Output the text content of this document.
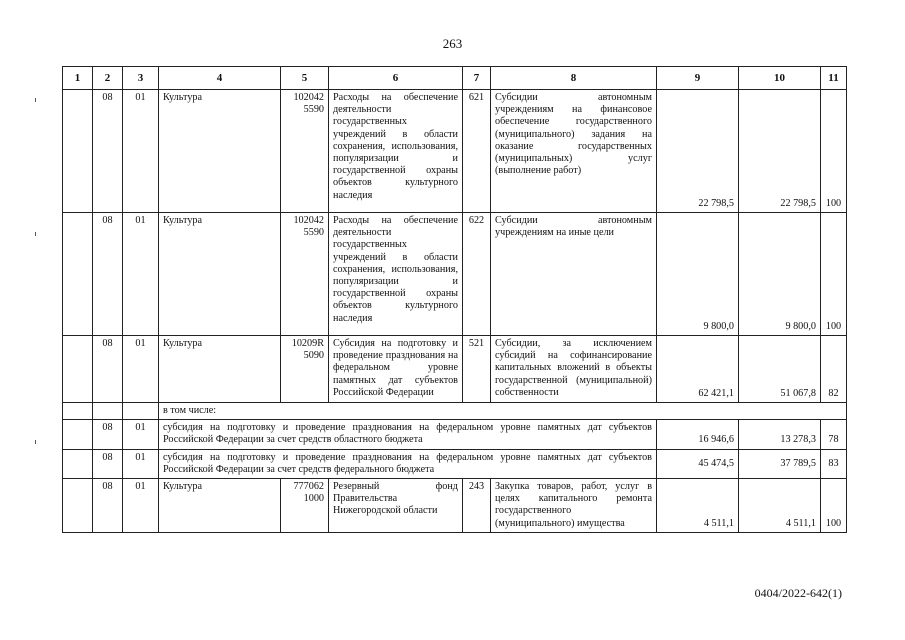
263
1	2	3	4	5	6	7	8	9	10	11
	08	01	Культура	102042 5590	Расходы на обеспечение деятельности государственных учреждений в области сохранения, использования, популяризации и государственной охраны объектов культурного наследия	621	Субсидии автономным учреждениям на финансовое обеспечение государственного (муниципального) задания на оказание государственных (муниципальных) услуг (выполнение работ)	22 798,5	22 798,5	100
	08	01	Культура	102042 5590	Расходы на обеспечение деятельности государственных учреждений в области сохранения, использования, популяризации и государственной охраны объектов культурного наследия	622	Субсидии автономным учреждениям на иные цели	9 800,0	9 800,0	100
	08	01	Культура	10209R 5090	Субсидия на подготовку и проведение празднования на федеральном уровне памятных дат субъектов Российской Федерации	521	Субсидии, за исключением субсидий на софинансирование капитальных вложений в объекты государственной (муниципальной) собственности	62 421,1	51 067,8	82
			в том числе:							
	08	01	субсидия на подготовку и проведение празднования на федеральном уровне памятных дат субъектов Российской Федерации за счет средств областного бюджета					16 946,6	13 278,3	78
	08	01	субсидия на подготовку и проведение празднования на федеральном уровне памятных дат субъектов Российской Федерации за счет средств федерального бюджета					45 474,5	37 789,5	83
	08	01	Культура	777062 1000	Резервный фонд Правительства Нижегородской области	243	Закупка товаров, работ, услуг в целях капитального ремонта государственного (муниципального) имущества	4 511,1	4 511,1	100
0404/2022-642(1)
